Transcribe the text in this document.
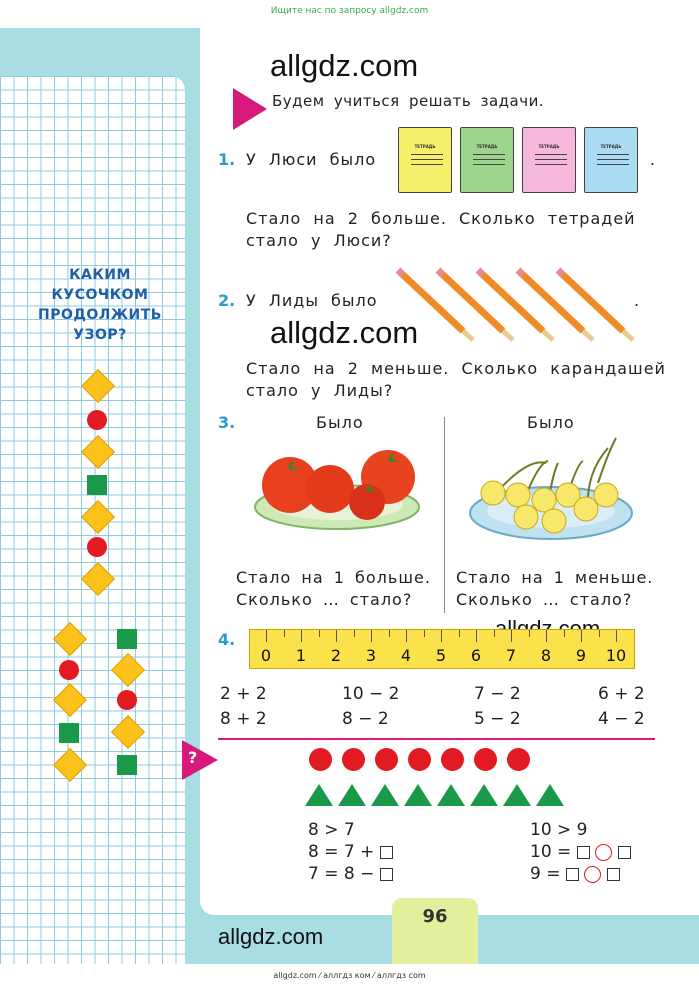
Ищите нас по запросу allgdz.com
КАКИМ
КУСОЧКОМ
ПРОДОЛЖИТЬ
УЗОР?
allgdz.com
allgdz.com
allgdz.com
Будем учиться решать задачи.
1. У Люси было	.
ТЕТРАДЬ	ТЕТРАДЬ	ТЕТРАДЬ	ТЕТРАДЬ
Стало на 2 больше. Сколько тетрадей
стало у Люси?
2. У Лиды было	.
Стало на 2 меньше. Сколько карандашей
стало у Лиды?
3.	Было	Было
Стало на 1 больше.
Сколько … стало?
Стало на 1 меньше.
Сколько … стало?
4.
0	1	2	3	4	5	6	7	8	9	10
2 + 2	10 − 2	7 − 2	6 + 2
8 + 2	8 − 2	5 − 2	4 − 2
?
8 > 7
8 = 7 +
7 = 8 −
10 > 9
10 =
9 =
96
allgdz.com ⁄ аллгдз ком ⁄ аллгдз com
